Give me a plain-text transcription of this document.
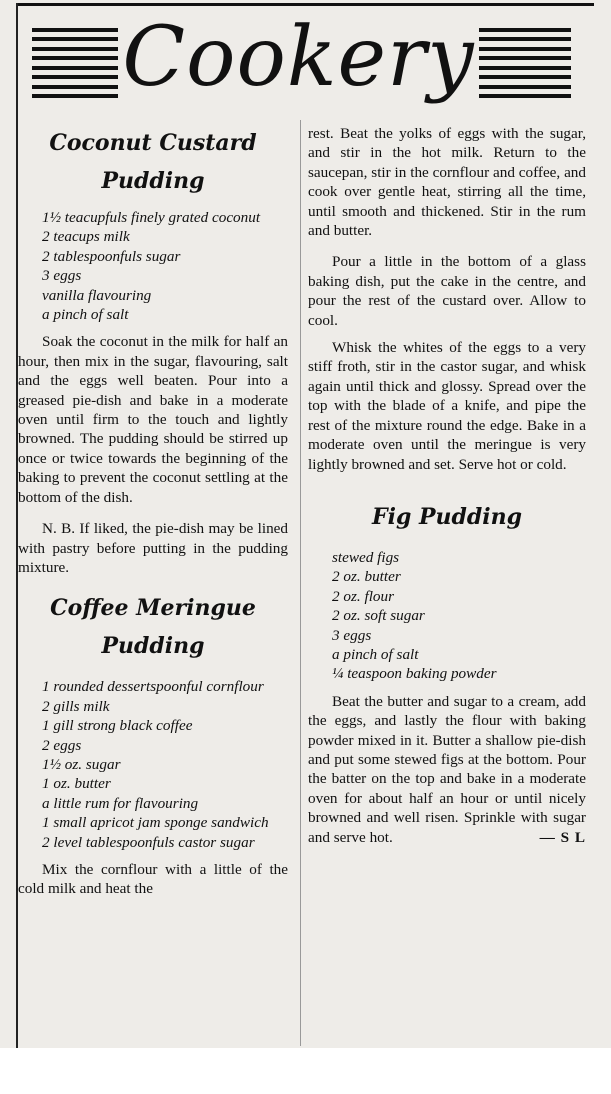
Cookery
Coconut Custard
Pudding
1½ teacupfuls finely grated coconut
2 teacups milk
2 tablespoonfuls sugar
3 eggs
vanilla flavouring
a pinch of salt

Soak the coconut in the milk for half an hour, then mix in the sugar, flavouring, salt and the eggs well beaten. Pour into a greased pie-dish and bake in a moderate oven until firm to the touch and lightly browned. The pudding should be stirred up once or twice towards the beginning of the baking to prevent the coconut settling at the bottom of the dish.

N. B. If liked, the pie-dish may be lined with pastry before putting in the pudding mixture.

Coffee Meringue
Pudding
1 rounded dessertspoonful cornflour
2 gills milk
1 gill strong black coffee
2 eggs
1½ oz. sugar
1 oz. butter
a little rum for flavouring
1 small apricot jam sponge sandwich
2 level tablespoonfuls castor sugar

Mix the cornflour with a little of the cold milk and heat the

rest. Beat the yolks of eggs with the sugar, and stir in the hot milk. Return to the saucepan, stir in the cornflour and coffee, and cook over gentle heat, stirring all the time, until smooth and thickened. Stir in the rum and butter.

Pour a little in the bottom of a glass baking dish, put the cake in the centre, and pour the rest of the custard over. Allow to cool.

Whisk the whites of the eggs to a very stiff froth, stir in the castor sugar, and whisk again until thick and glossy. Spread over the top with the blade of a knife, and pipe the rest of the mixture round the edge. Bake in a moderate oven until the meringue is very lightly browned and set. Serve hot or cold.

Fig Pudding
stewed figs
2 oz. butter
2 oz. flour
2 oz. soft sugar
3 eggs
a pinch of salt
¼ teaspoon baking powder

Beat the butter and sugar to a cream, add the eggs, and lastly the flour with baking powder mixed in it. Butter a shallow pie-dish and put some stewed figs at the bottom. Pour the batter on the top and bake in a moderate oven for about half an hour or until nicely browned and well risen. Sprinkle with sugar and serve hot.	— S L
